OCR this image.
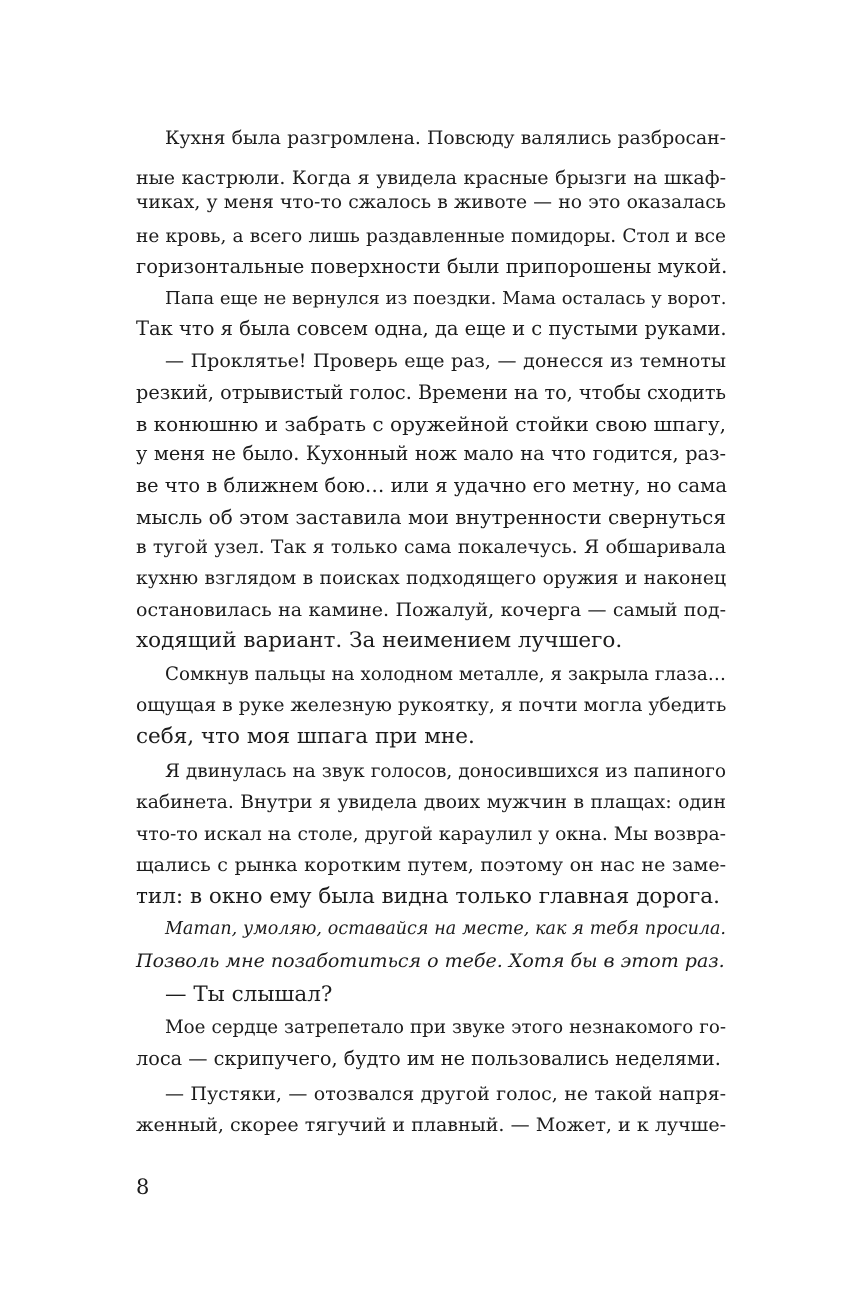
Кухня была разгромлена. Повсюду валялись разброcан-
ные кастрюли. Когда я увидела красные брызги на шкаф-
чиках, у меня что-то сжалось в животе — но это оказалась
не кровь, а всего лишь раздавленные помидоры. Стол и все
горизонтальные поверхности были припорошены мукой.
Папа еще не вернулся из поездки. Мама осталась у ворот.
Так что я была совсем одна, да еще и с пустыми руками.
— Проклятье! Проверь еще раз, — донесся из темноты
резкий, отрывистый голос. Времени на то, чтобы сходить
в конюшню и забрать с оружейной стойки свою шпагу,
у меня не было. Кухонный нож мало на что годится, раз-
ве что в ближнем бою… или я удачно его метну, но сама
мысль об этом заставила мои внутренности свернуться
в тугой узел. Так я только сама покалечусь. Я обшаривала
кухню взглядом в поисках подходящего оружия и наконец
остановилась на камине. Пожалуй, кочерга — самый под-
ходящий вариант. За неимением лучшего.
Сомкнув пальцы на холодном металле, я закрыла глаза…
ощущая в руке железную рукоятку, я почти могла убедить
себя, что моя шпага при мне.
Я двинулась на звук голосов, доносившихся из папиного
кабинета. Внутри я увидела двоих мужчин в плащах: один
что-то искал на столе, другой караулил у окна. Мы возвра-
щались с рынка коротким путем, поэтому он нас не заме-
тил: в окно ему была видна только главная дорога.
Матап, умоляю, оставайся на месте, как я тебя просила.
Позволь мне позаботиться о тебе. Хотя бы в этот раз.
— Ты слышал?
Мое сердце затрепетало при звуке этого незнакомого го-
лоса — скрипучего, будто им не пользовались неделями.
— Пустяки, — отозвался другой голос, не такой напря-
женный, скорее тягучий и плавный. — Может, и к лучше-
8
